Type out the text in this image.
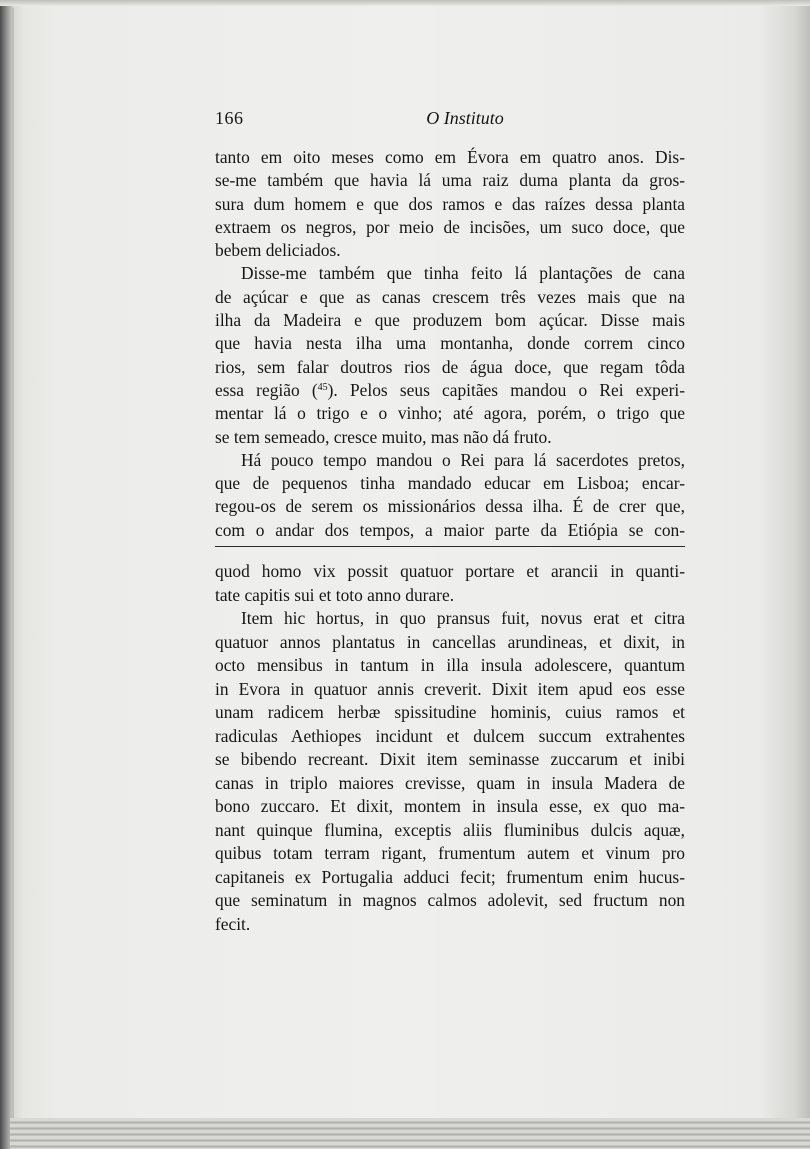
166	O Instituto

tanto em oito meses como em Évora em quatro anos. Dis-
se-me também que havia lá uma raiz duma planta da gros-
sura dum homem e que dos ramos e das raízes dessa planta
extraem os negros, por meio de incisões, um suco doce, que
bebem deliciados.

Disse-me também que tinha feito lá plantações de cana
de açúcar e que as canas crescem três vezes mais que na
ilha da Madeira e que produzem bom açúcar. Disse mais
que havia nesta ilha uma montanha, donde correm cinco
rios, sem falar doutros rios de água doce, que regam tôda
essa região ($^{45}$). Pelos seus capitães mandou o Rei experi-
mentar lá o trigo e o vinho; até agora, porém, o trigo que
se tem semeado, cresce muito, mas não dá fruto.

Há pouco tempo mandou o Rei para lá sacerdotes pretos,
que de pequenos tinha mandado educar em Lisboa; encar-
regou-os de serem os missionários dessa ilha. É de crer que,
com o andar dos tempos, a maior parte da Etiópia se con-

quod homo vix possit quatuor portare et arancii in quanti-
tate capitis sui et toto anno durare.

Item hic hortus, in quo pransus fuit, novus erat et citra
quatuor annos plantatus in cancellas arundineas, et dixit, in
octo mensibus in tantum in illa insula adolescere, quantum
in Evora in quatuor annis creverit. Dixit item apud eos esse
unam radicem herbæ spissitudine hominis, cuius ramos et
radiculas Aethiopes incidunt et dulcem succum extrahentes
se bibendo recreant. Dixit item seminasse zuccarum et inibi
canas in triplo maiores crevisse, quam in insula Madera de
bono zuccaro. Et dixit, montem in insula esse, ex quo ma-
nant quinque flumina, exceptis aliis fluminibus dulcis aquæ,
quibus totam terram rigant, frumentum autem et vinum pro
capitaneis ex Portugalia adduci fecit; frumentum enim hucus-
que seminatum in magnos calmos adolevit, sed fructum non
fecit.
